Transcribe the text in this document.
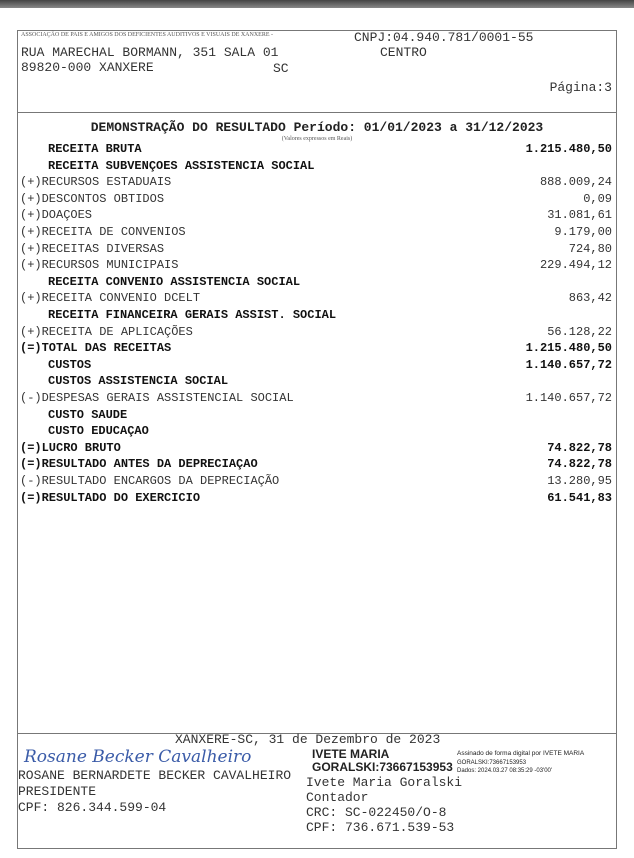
ASSOCIAÇÃO DE PAIS E AMIGOS DOS DEFICIENTES AUDITIVOS E VISUAIS DE XANXERE -	CNPJ:04.940.781/0001-55
RUA MARECHAL BORMANN, 351 SALA 01	CENTRO
89820-000 XANXERE	SC
Página:3
DEMONSTRAÇÃO DO RESULTADO Período: 01/01/2023 a 31/12/2023
(Valores expressos em Reais)
RECEITA BRUTA	1.215.480,50
RECEITA SUBVENÇOES ASSISTENCIA SOCIAL
(+)RECURSOS ESTADUAIS	888.009,24
(+)DESCONTOS OBTIDOS	0,09
(+)DOAÇOES	31.081,61
(+)RECEITA DE CONVENIOS	9.179,00
(+)RECEITAS DIVERSAS	724,80
(+)RECURSOS MUNICIPAIS	229.494,12
RECEITA CONVENIO ASSISTENCIA SOCIAL
(+)RECEITA CONVENIO DCELT	863,42
RECEITA FINANCEIRA GERAIS ASSIST. SOCIAL
(+)RECEITA DE APLICAÇÕES	56.128,22
(=)TOTAL DAS RECEITAS	1.215.480,50
CUSTOS	1.140.657,72
CUSTOS ASSISTENCIA SOCIAL
(-)DESPESAS GERAIS ASSISTENCIAL SOCIAL	1.140.657,72
CUSTO SAUDE
CUSTO EDUCAÇAO
(=)LUCRO BRUTO	74.822,78
(=)RESULTADO ANTES DA DEPRECIAÇAO	74.822,78
(-)RESULTADO ENCARGOS DA DEPRECIAÇÃO	13.280,95
(=)RESULTADO DO EXERCICIO	61.541,83
XANXERE-SC, 31 de Dezembro de 2023
Rosane Becker Cavalheiro
ROSANE BERNARDETE BECKER CAVALHEIRO
PRESIDENTE
CPF: 826.344.599-04
IVETE MARIA
GORALSKI:73667153953
Assinado de forma digital por IVETE MARIA
GORALSKI:73667153953
Dados: 2024.03.27 08:35:29 -03'00'
Ivete Maria Goralski
Contador
CRC: SC-022450/O-8
CPF: 736.671.539-53
